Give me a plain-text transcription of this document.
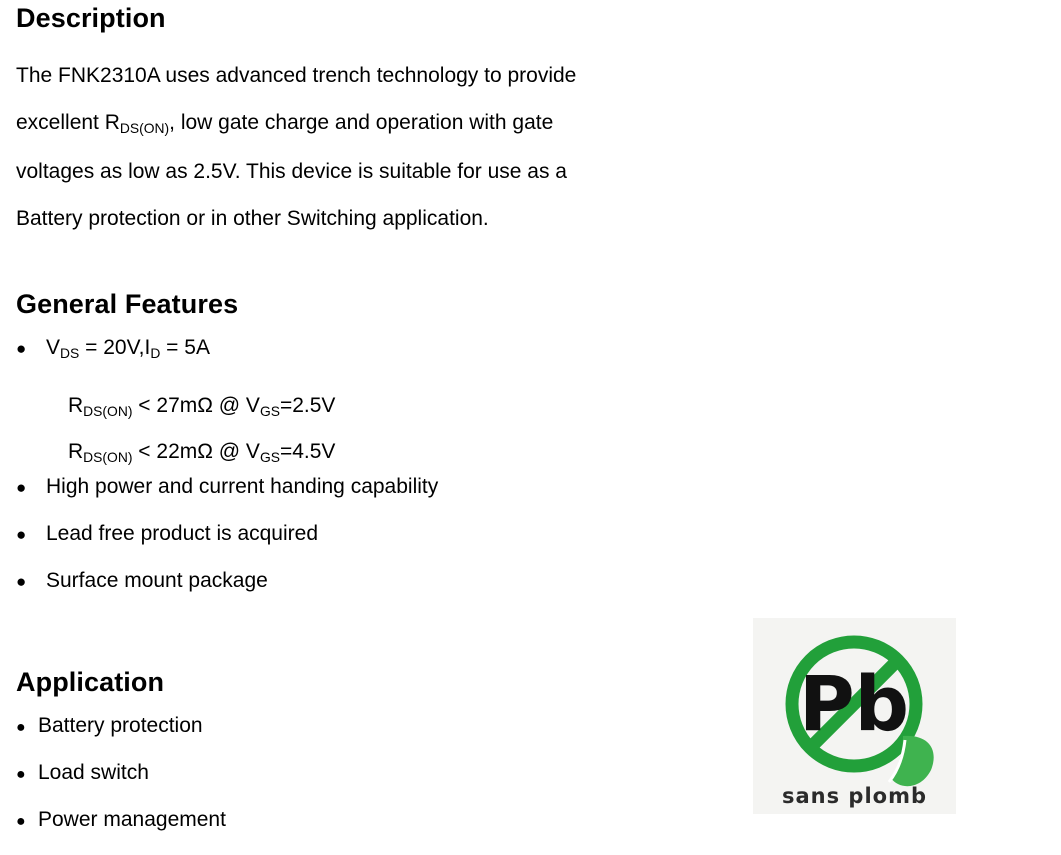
Description
The FNK2310A uses advanced trench technology to provide
excellent $R_{DS(ON)}$, low gate charge and operation with gate
voltages as low as 2.5V. This device is suitable for use as a
Battery protection or in other Switching application.
General Features
● $V_{DS} = 20V,I_D = 5A$
$R_{DS(ON)} < 27m\Omega$ @ $V_{GS}=2.5V$
$R_{DS(ON)} < 22m\Omega$ @ $V_{GS}=4.5V$
● High power and current handing capability
● Lead free product is acquired
● Surface mount package
Application
● Battery protection
● Load switch
● Power management
Pb
sans plomb
